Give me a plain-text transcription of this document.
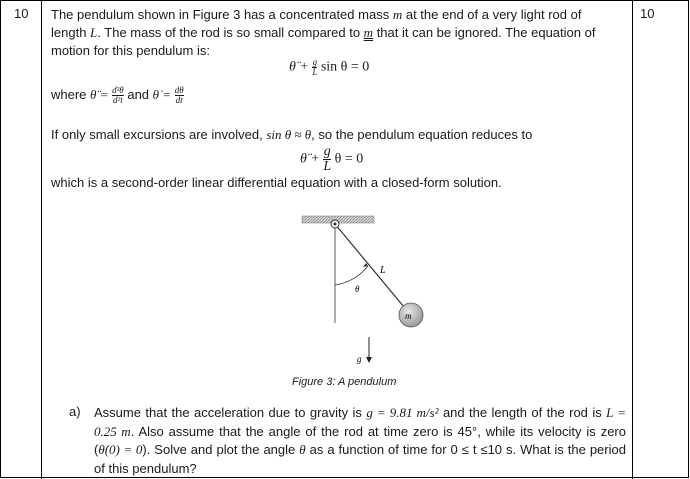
10	10
The pendulum shown in Figure 3 has a concentrated mass m at the end of a very light rod of
length L. The mass of the rod is so small compared to m that it can be ignored. The equation of
motion for this pendulum is:
θ̈ + $\frac{g}{L}$ sin θ = 0
where θ̈ = $\frac{\text{d²θ}}{\text{d²t}}$ and θ̇ = $\frac{d\theta}{dt}$
If only small excursions are involved, sin θ ≈ θ, so the pendulum equation reduces to
θ̈ + $\frac{g}{L}$ θ = 0
which is a second-order linear differential equation with a closed-form solution.
θ
L
m
g
Figure 3: A pendulum
a) Assume that the acceleration due to gravity is g = 9.81 m/s² and the length of the rod is L = 0.25 m. Also assume that the angle of the rod at time zero is 45°, while its velocity is zero (θ̇(0) = 0). Solve and plot the angle θ as a function of time for 0 ≤ t ≤10 s. What is the period of this pendulum?
